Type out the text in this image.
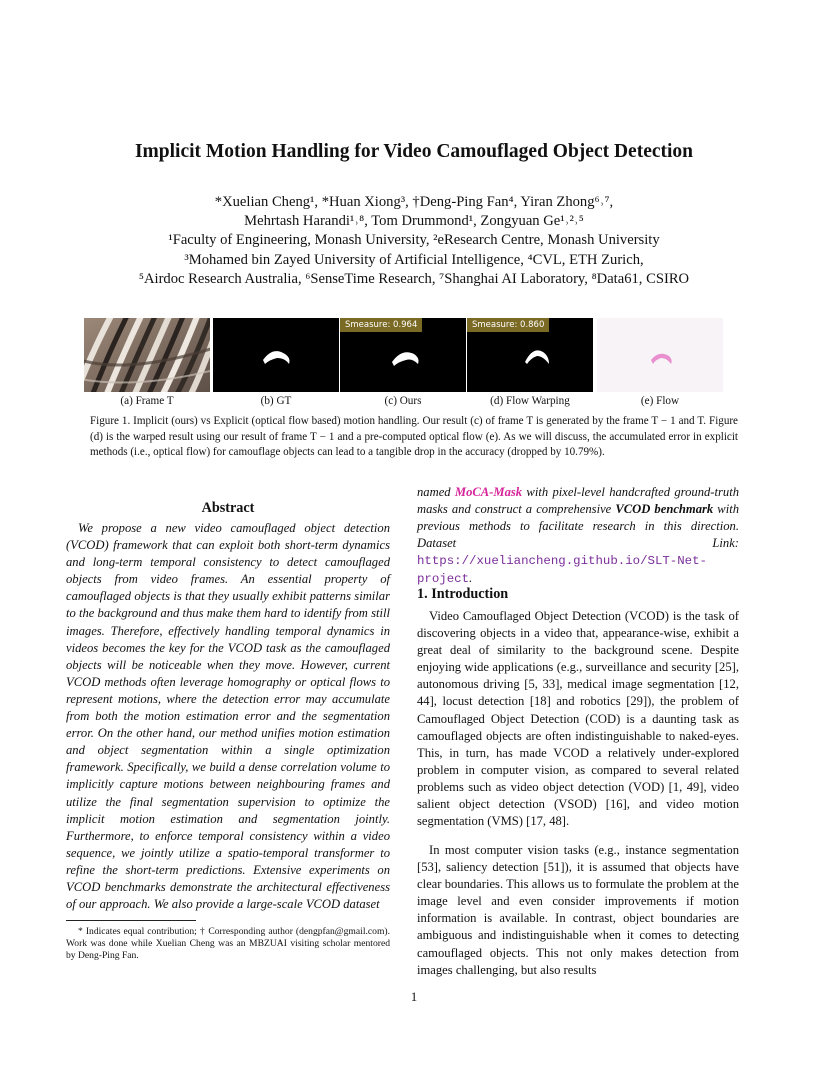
Implicit Motion Handling for Video Camouflaged Object Detection
*Xuelian Cheng¹, *Huan Xiong³, †Deng-Ping Fan⁴, Yiran Zhong⁶˒⁷,
Mehrtash Harandi¹˒⁸, Tom Drummond¹, Zongyuan Ge¹˒²˒⁵
¹Faculty of Engineering, Monash University, ²eResearch Centre, Monash University
³Mohamed bin Zayed University of Artificial Intelligence, ⁴CVL, ETH Zurich,
⁵Airdoc Research Australia, ⁶SenseTime Research, ⁷Shanghai AI Laboratory, ⁸Data61, CSIRO
Smeasure: 0.964	Smeasure: 0.860
(a) Frame T	(b) GT	(c) Ours	(d) Flow Warping	(e) Flow
Figure 1. Implicit (ours) vs Explicit (optical flow based) motion handling. Our result (c) of frame T is generated by the frame T − 1 and T. Figure (d) is the warped result using our result of frame T − 1 and a pre-computed optical flow (e). As we will discuss, the accumulated error in explicit methods (i.e., optical flow) for camouflage objects can lead to a tangible drop in the accuracy (dropped by 10.79%).
Abstract
We propose a new video camouflaged object detection (VCOD) framework that can exploit both short-term dynamics and long-term temporal consistency to detect camouflaged objects from video frames. An essential property of camouflaged objects is that they usually exhibit patterns similar to the background and thus make them hard to identify from still images. Therefore, effectively handling temporal dynamics in videos becomes the key for the VCOD task as the camouflaged objects will be noticeable when they move. However, current VCOD methods often leverage homography or optical flows to represent motions, where the detection error may accumulate from both the motion estimation error and the segmentation error. On the other hand, our method unifies motion estimation and object segmentation within a single optimization framework. Specifically, we build a dense correlation volume to implicitly capture motions between neighbouring frames and utilize the final segmentation supervision to optimize the implicit motion estimation and segmentation jointly. Furthermore, to enforce temporal consistency within a video sequence, we jointly utilize a spatio-temporal transformer to refine the short-term predictions. Extensive experiments on VCOD benchmarks demonstrate the architectural effectiveness of our approach. We also provide a large-scale VCOD dataset
* Indicates equal contribution; † Corresponding author (dengpfan@gmail.com). Work was done while Xuelian Cheng was an MBZUAI visiting scholar mentored by Deng-Ping Fan.
named MoCA-Mask with pixel-level handcrafted ground-truth masks and construct a comprehensive VCOD benchmark with previous methods to facilitate research in this direction. Dataset Link: https://xueliancheng.github.io/SLT-Net-project.
1. Introduction
Video Camouflaged Object Detection (VCOD) is the task of discovering objects in a video that, appearance-wise, exhibit a great deal of similarity to the background scene. Despite enjoying wide applications (e.g., surveillance and security [25], autonomous driving [5, 33], medical image segmentation [12, 44], locust detection [18] and robotics [29]), the problem of Camouflaged Object Detection (COD) is a daunting task as camouflaged objects are often indistinguishable to naked-eyes. This, in turn, has made VCOD a relatively under-explored problem in computer vision, as compared to several related problems such as video object detection (VOD) [1, 49], video salient object detection (VSOD) [16], and video motion segmentation (VMS) [17, 48].
In most computer vision tasks (e.g., instance segmentation [53], saliency detection [51]), it is assumed that objects have clear boundaries. This allows us to formulate the problem at the image level and even consider improvements if motion information is available. In contrast, object boundaries are ambiguous and indistinguishable when it comes to detecting camouflaged objects. This not only makes detection from images challenging, but also results
1
